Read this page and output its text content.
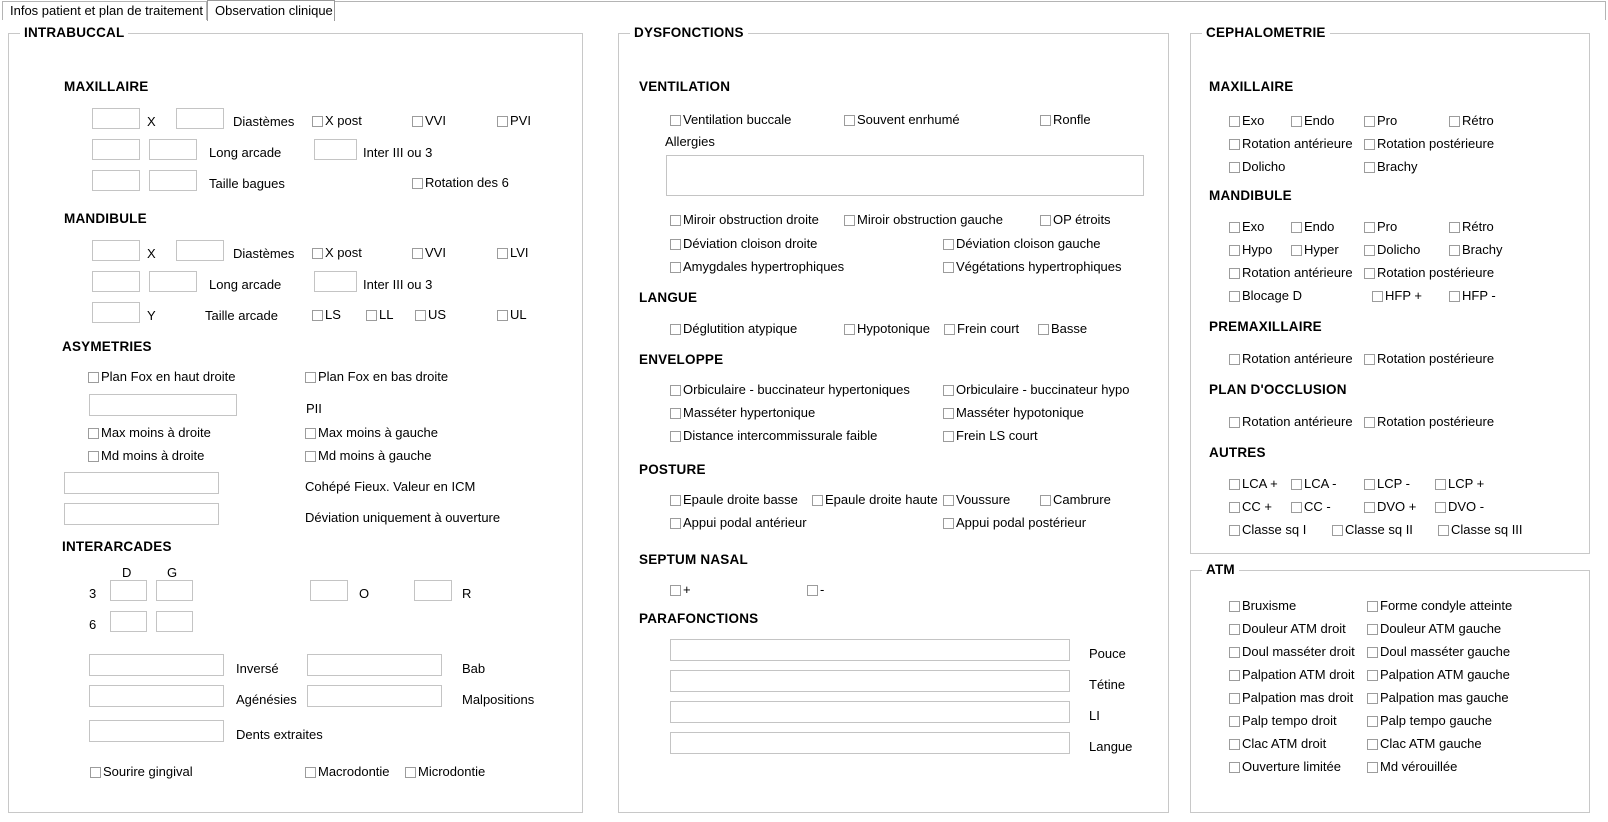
Infos patient et plan de traitement Observation clinique
INTRABUCCAL
MAXILLAIRE
X	Diastèmes X post	VVI	PVI
Long arcade	Inter III ou 3
Taille bagues	Rotation des 6
MANDIBULE
X	Diastèmes X post	VVI	LVI
Long arcade	Inter III ou 3
Y	Taille arcade	LS	LL	US	UL
ASYMETRIES
Plan Fox en haut droite	Plan Fox en bas droite
PII
Max moins à droite	Max moins à gauche
Md moins à droite	Md moins à gauche
Cohépé Fieux. Valeur en ICM
Déviation uniquement à ouverture
INTERARCADES
D	G
3
6
O	R
Inversé	Bab
Agénésies	Malpositions
Dents extraites
Sourire gingival	Macrodontie Microdontie
DYSFONCTIONS
VENTILATION
Ventilation buccale	Souvent enrhumé	Ronfle
Allergies
Miroir obstruction droite	Miroir obstruction gauche	OP étroits
Déviation cloison droite	Déviation cloison gauche
Amygdales hypertrophiques	Végétations hypertrophiques
LANGUE
Déglutition atypique	Hypotonique Frein court Basse
ENVELOPPE
Orbiculaire - buccinateur hypertoniques	Orbiculaire - buccinateur hypo
Masséter hypertonique	Masséter hypotonique
Distance intercommissurale faible	Frein LS court
POSTURE
Epaule droite basse Epaule droite haute Voussure	Cambrure
Appui podal antérieur	Appui podal postérieur
SEPTUM NASAL
+	-
PARAFONCTIONS
Pouce
Tétine
LI
Langue
CEPHALOMETRIE
MAXILLAIRE
Exo	Endo	Pro	Rétro
Rotation antérieure Rotation postérieure
Dolicho	Brachy
MANDIBULE
Exo	Endo	Pro	Rétro
Hypo Hyper	Dolicho	Brachy
Rotation antérieure Rotation postérieure
Blocage D	HFP +	HFP -
PREMAXILLAIRE
Rotation antérieure Rotation postérieure
PLAN D'OCCLUSION
Rotation antérieure Rotation postérieure
AUTRES
LCA + LCA -	LCP -	LCP +
CC + CC -	DVO + DVO -
Classe sq I	Classe sq II	Classe sq III
ATM
Bruxisme	Forme condyle atteinte
Douleur ATM droit	Douleur ATM gauche
Doul masséter droit Doul masséter gauche
Palpation ATM droit Palpation ATM gauche
Palpation mas droit Palpation mas gauche
Palp tempo droit	Palp tempo gauche
Clac ATM droit	Clac ATM gauche
Ouverture limitée	Md vérouillée
